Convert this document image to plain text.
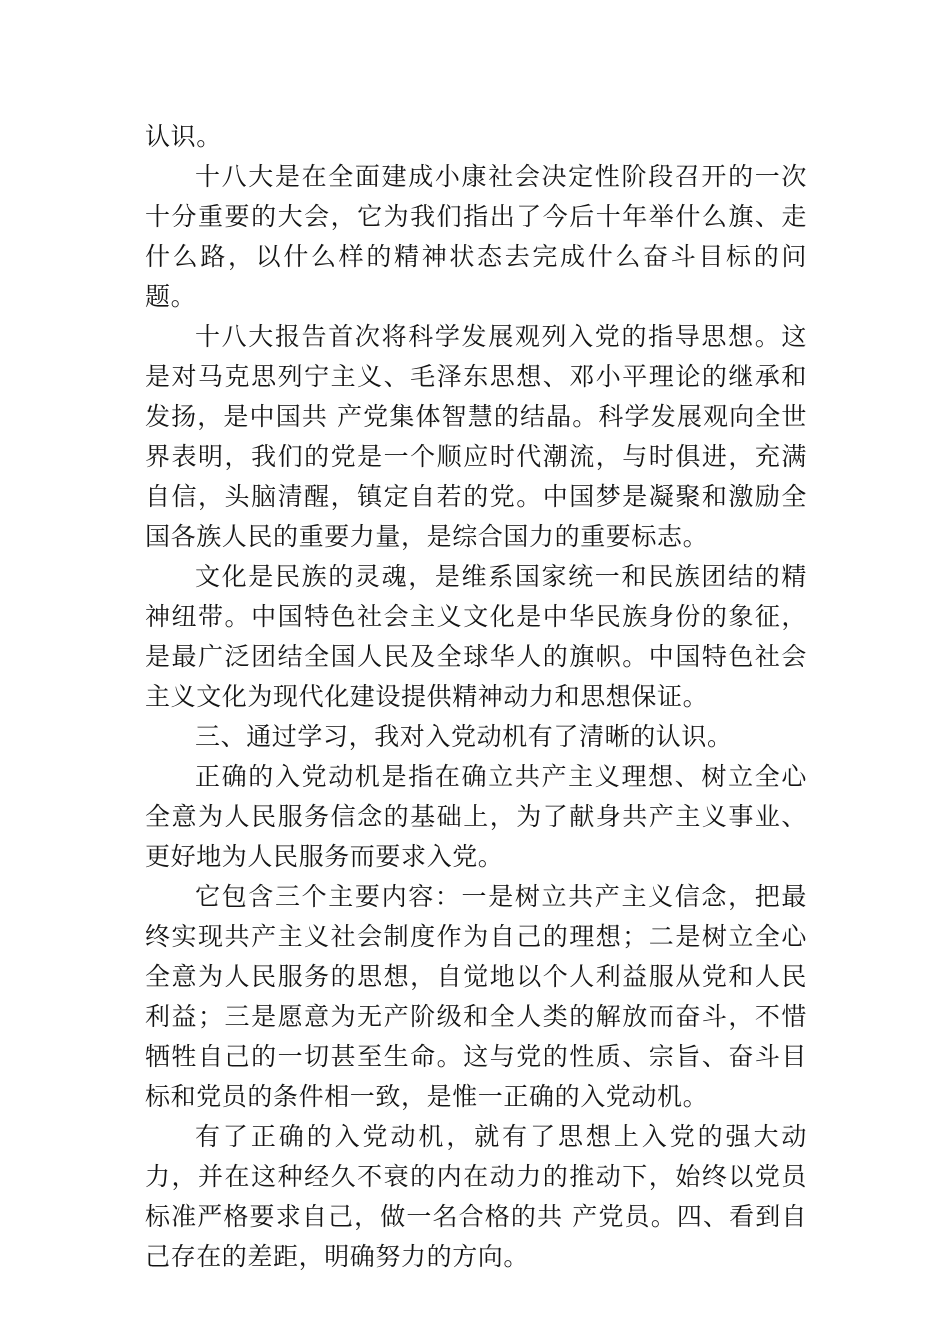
认识。

十八大是在全面建成小康社会决定性阶段召开的一次十分重要的大会，它为我们指出了今后十年举什么旗、走什么路，以什么样的精神状态去完成什么奋斗目标的问题。

十八大报告首次将科学发展观列入党的指导思想。这是对马克思列宁主义、毛泽东思想、邓小平理论的继承和发扬，是中国共 产党集体智慧的结晶。科学发展观向全世界表明，我们的党是一个顺应时代潮流，与时俱进，充满自信，头脑清醒，镇定自若的党。中国梦是凝聚和激励全国各族人民的重要力量，是综合国力的重要标志。

文化是民族的灵魂，是维系国家统一和民族团结的精神纽带。中国特色社会主义文化是中华民族身份的象征，是最广泛团结全国人民及全球华人的旗帜。中国特色社会主义文化为现代化建设提供精神动力和思想保证。

三、通过学习，我对入党动机有了清晰的认识。

正确的入党动机是指在确立共产主义理想、树立全心全意为人民服务信念的基础上，为了献身共产主义事业、更好地为人民服务而要求入党。

它包含三个主要内容：一是树立共产主义信念，把最终实现共产主义社会制度作为自己的理想；二是树立全心全意为人民服务的思想，自觉地以个人利益服从党和人民利益；三是愿意为无产阶级和全人类的解放而奋斗，不惜牺牲自己的一切甚至生命。这与党的性质、宗旨、奋斗目标和党员的条件相一致，是惟一正确的入党动机。

有了正确的入党动机，就有了思想上入党的强大动力，并在这种经久不衰的内在动力的推动下，始终以党员标准严格要求自己，做一名合格的共 产党员。四、看到自己存在的差距，明确努力的方向。
